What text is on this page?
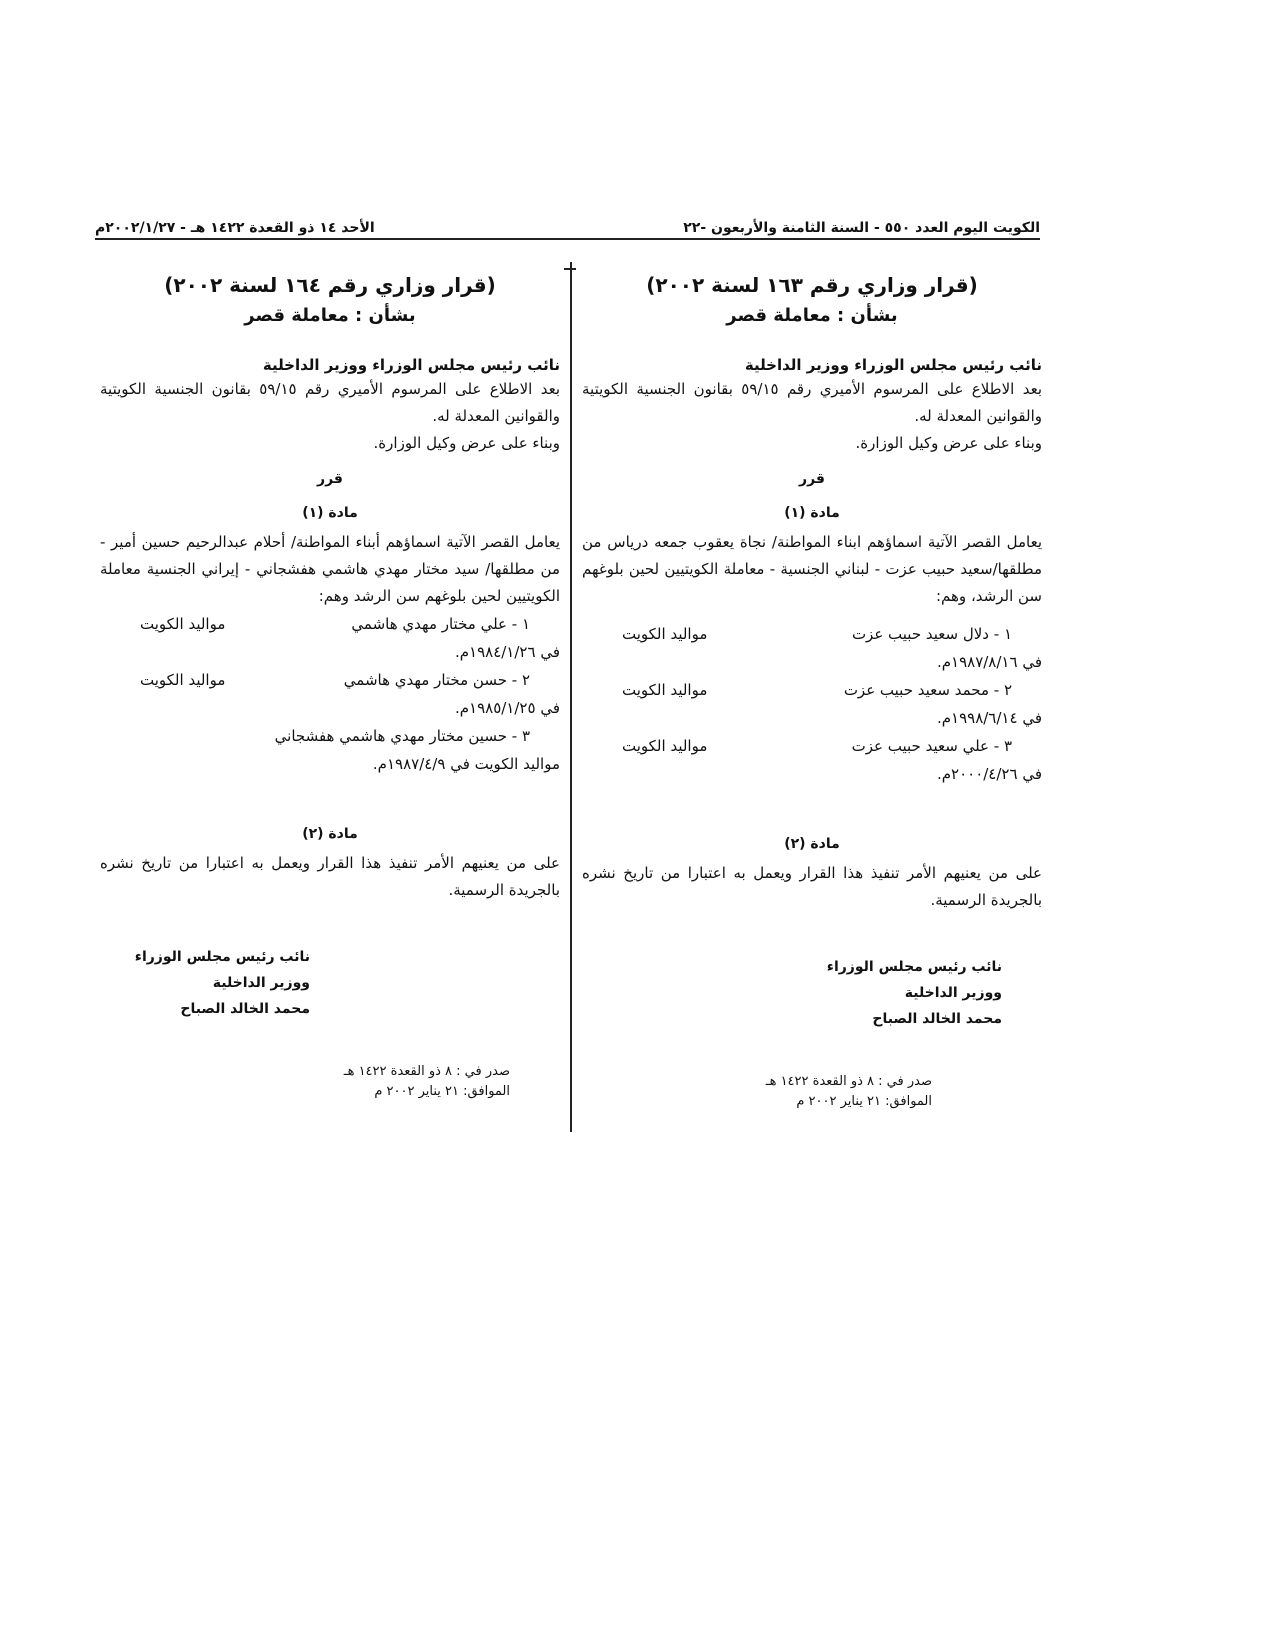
الكويت اليوم العدد ٥٥٠ - السنة الثامنة والأربعون -٢٢
الأحد ١٤ ذو القعدة ١٤٢٢ هـ - ٢٠٠٢/١/٢٧م

(قرار وزاري رقم ١٦٣ لسنة ٢٠٠٢)

بشأن : معاملة قصر

نائب رئيس مجلس الوزراء ووزير الداخلية

بعد الاطلاع على المرسوم الأميري رقم ٥٩/١٥ بقانون الجنسية الكويتية والقوانين المعدلة له.

وبناء على عرض وكيل الوزارة.

قرر
مادة (١)

يعامل القصر الآتية اسماؤهم ابناء المواطنة/ نجاة يعقوب جمعه دریاس من مطلقها/سعيد حبيب عزت - لبناني الجنسية - معاملة الكويتيين لحين بلوغهم سن الرشد، وهم:

١ - دلال سعيد حبيب عزت
مواليد الكويت
في ١٩٨٧/٨/١٦م.
٢ - محمد سعيد حبيب عزت
مواليد الكويت
في ١٩٩٨/٦/١٤م.
٣ - علي سعيد حبيب عزت
مواليد الكويت
في ٢٠٠٠/٤/٢٦م.
مادة (٢)

على من يعنيهم الأمر تنفيذ هذا القرار ويعمل به اعتبارا من تاريخ نشره بالجريدة الرسمية.

نائب رئيس مجلس الوزراء

ووزير الداخلية

محمد الخالد الصباح

صدر في : ٨ ذو القعدة ١٤٢٢ هـ
الموافق: ٢١ يناير ٢٠٠٢ م

(قرار وزاري رقم ١٦٤ لسنة ٢٠٠٢)

بشأن : معاملة قصر

نائب رئيس مجلس الوزراء ووزير الداخلية

بعد الاطلاع على المرسوم الأميري رقم ٥٩/١٥ بقانون الجنسية الكويتية والقوانين المعدلة له.

وبناء على عرض وكيل الوزارة.

قرر
مادة (١)

يعامل القصر الآتية اسماؤهم أبناء المواطنة/ أحلام عبدالرحيم حسين أمير - من مطلقها/ سيد مختار مهدي هاشمي هفشجاني - إيراني الجنسية معاملة الكويتيين لحين بلوغهم سن الرشد وهم:

١ - علي مختار مهدي هاشمي
مواليد الكويت
في ١٩٨٤/١/٢٦م.
٢ - حسن مختار مهدي هاشمي
مواليد الكويت
في ١٩٨٥/١/٢٥م.
٣ - حسين مختار مهدي هاشمي هفشجاني
مواليد الكويت في ١٩٨٧/٤/٩م.
مادة (٢)

على من يعنيهم الأمر تنفيذ هذا القرار ويعمل به اعتبارا من تاريخ نشره بالجريدة الرسمية.

نائب رئيس مجلس الوزراء

ووزير الداخلية

محمد الخالد الصباح

صدر في : ٨ ذو القعدة ١٤٢٢ هـ
الموافق: ٢١ يناير ٢٠٠٢ م
